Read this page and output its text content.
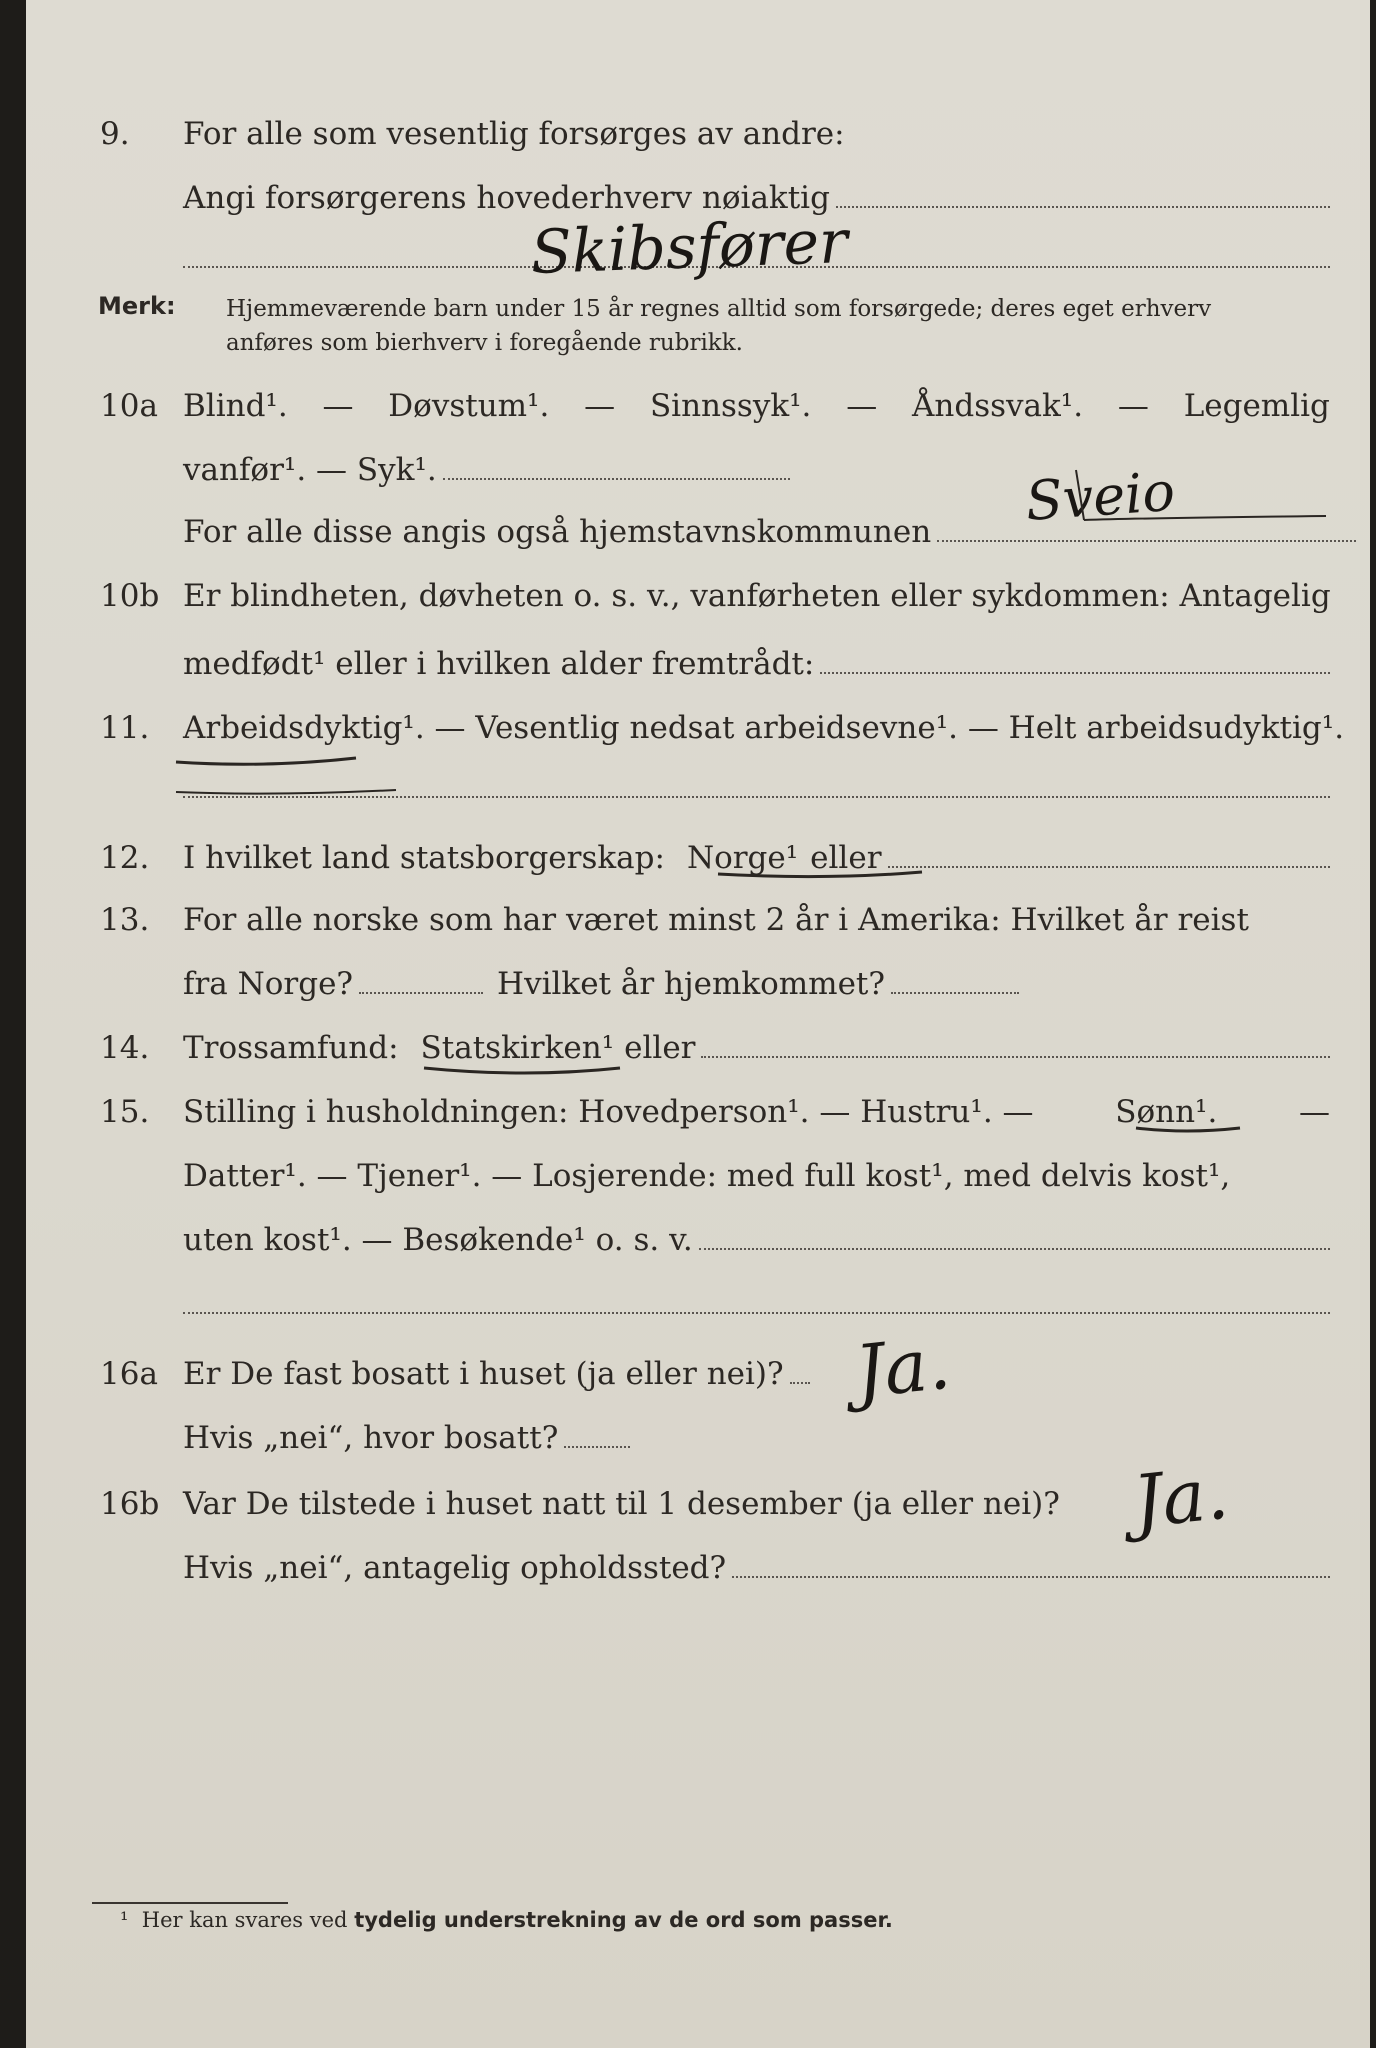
9. For alle som vesentlig forsørges av andre:
Angi forsørgerens hovederhverv nøiaktig
Skibsfører
Merk: Hjemmeværende barn under 15 år regnes alltid som forsørgede; deres eget erhverv
anføres som bierhverv i foregående rubrikk.
10a Blind¹. — Døvstum¹. — Sinnssyk¹. — Åndssvak¹. — Legemlig
vanfør¹. — Syk¹.
For alle disse angis også hjemstavnskommunen Sveio
10b Er blindheten, døvheten o. s. v., vanførheten eller sykdommen: Antagelig
medfødt¹ eller i hvilken alder fremtrådt:
11. Arbeidsdyktig¹. — Vesentlig nedsat arbeidsevne¹. — Helt arbeidsudyktig¹.
12. I hvilket land statsborgerskap: Norge¹ eller
13. For alle norske som har været minst 2 år i Amerika: Hvilket år reist
fra Norge?	Hvilket år hjemkommet?
14. Trossamfund: Statskirken¹ eller
15. Stilling i husholdningen: Hovedperson¹. — Hustru¹. —	Sønn¹.	—
Datter¹. — Tjener¹. — Losjerende: med full kost¹, med delvis kost¹,
uten kost¹. — Besøkende¹ o. s. v.
16a Er De fast bosatt i huset (ja eller nei)?
Hvis „nei“, hvor bosatt?
Ja.
16b Var De tilstede i huset natt til 1 desember (ja eller nei)?
Hvis „nei“, antagelig opholdssted?
Ja.
¹ Her kan svares ved tydelig understrekning av de ord som passer.
